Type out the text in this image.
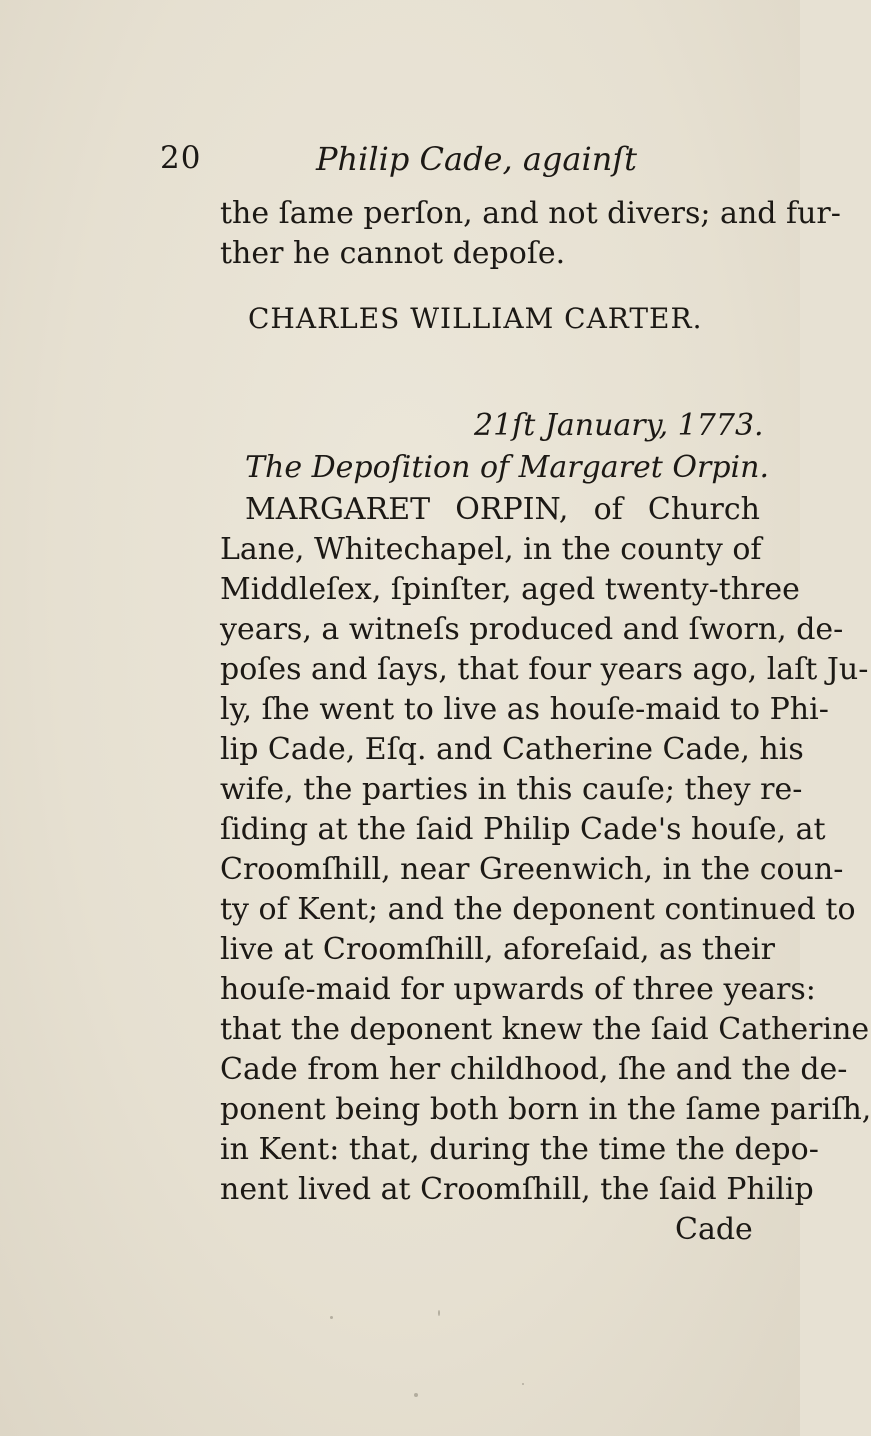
20	Philip Cade, againſt
the ſame perſon, and not divers; and fur-
ther he cannot depoſe.
CHARLES WILLIAM CARTER.
21ſt January, 1773.
The Depoſition of Margaret Orpin.
MARGARET ORPIN, of Church
Lane, Whitechapel, in the county of
Middleſex, ſpinſter, aged twenty-three
years, a witneſs produced and ſworn, de-
poſes and ſays, that four years ago, laſt Ju-
ly, ſhe went to live as houſe-maid to Phi-
lip Cade, Eſq. and Catherine Cade, his
wife, the parties in this cauſe; they re-
ſiding at the ſaid Philip Cade's houſe, at
Croomſhill, near Greenwich, in the coun-
ty of Kent; and the deponent continued to
live at Croomſhill, aforeſaid, as their
houſe-maid for upwards of three years:
that the deponent knew the ſaid Catherine
Cade from her childhood, ſhe and the de-
ponent being both born in the ſame pariſh,
in Kent: that, during the time the depo-
nent lived at Croomſhill, the ſaid Philip
Cade
